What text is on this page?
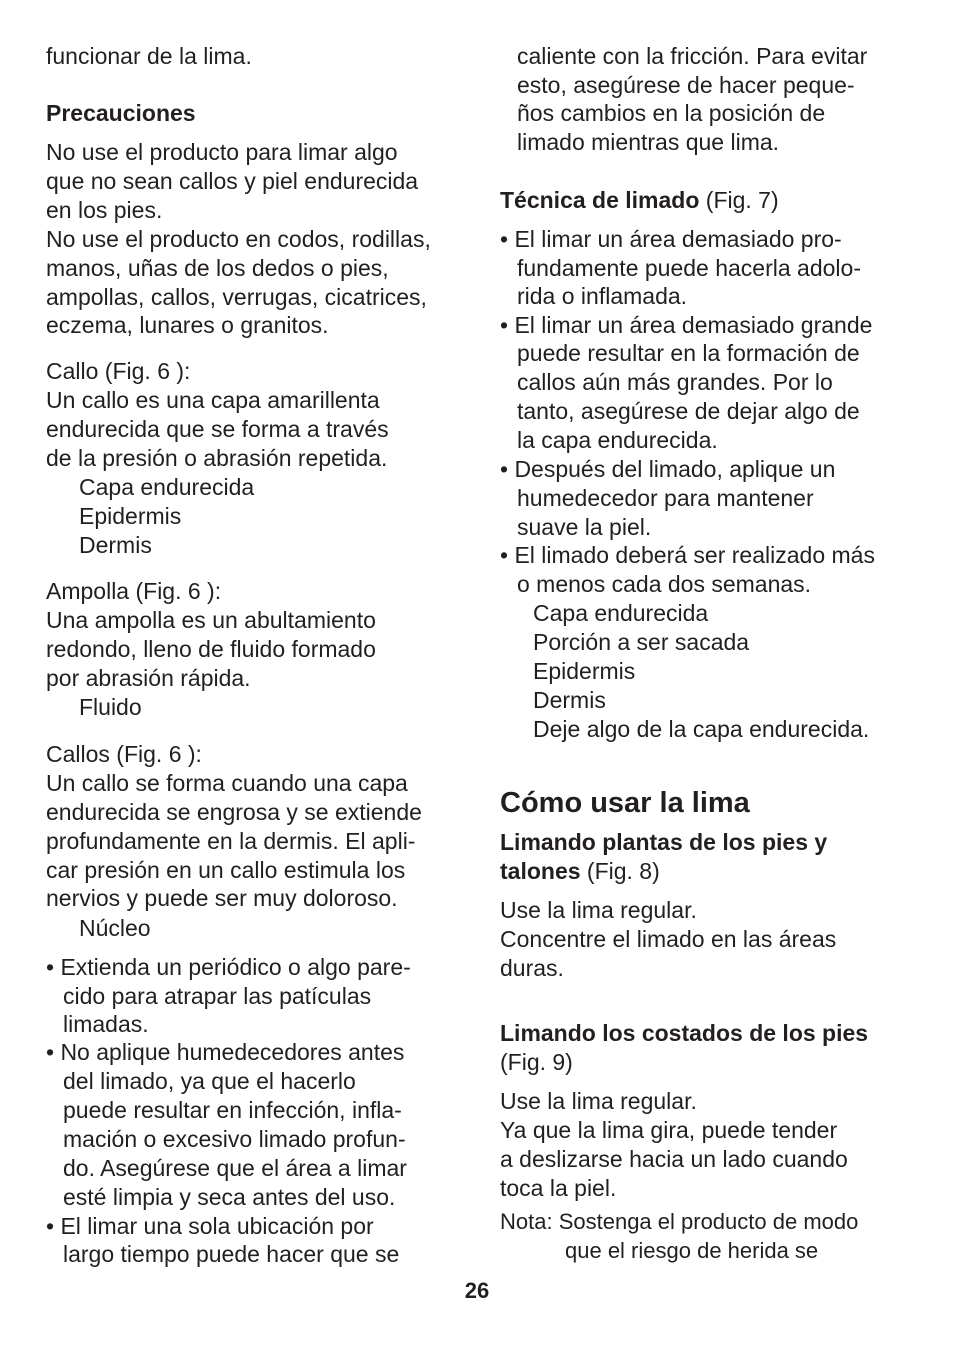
funcionar de la lima.
Precauciones
No use el producto para limar algo
que no sean callos y piel endurecida
en los pies.
No use el producto en codos, rodillas,
manos, uñas de los dedos o pies,
ampollas, callos, verrugas, cicatrices,
eczema, lunares o granitos.
Callo (Fig. 6 ):
Un callo es una capa amarillenta
endurecida que se forma a través
de la presión o abrasión repetida.
Capa endurecida
Epidermis
Dermis
Ampolla (Fig. 6 ):
Una ampolla es un abultamiento
redondo, lleno de fluido formado
por abrasión rápida.
Fluido
Callos (Fig. 6 ):
Un callo se forma cuando una capa
endurecida se engrosa y se extiende
profundamente en la dermis. El apli-
car presión en un callo estimula los
nervios y puede ser muy doloroso.
Núcleo
• Extienda un periódico o algo pare-
cido para atrapar las patículas
limadas.
• No aplique humedecedores antes
del limado, ya que el hacerlo
puede resultar en infección, infla-
mación o excesivo limado profun-
do. Asegúrese que el área a limar
esté limpia y seca antes del uso.
• El limar una sola ubicación por
largo tiempo puede hacer que se
caliente con la fricción. Para evitar
esto, asegúrese de hacer peque-
ños cambios en la posición de
limado mientras que lima.
Técnica de limado (Fig. 7)
• El limar un área demasiado pro-
fundamente puede hacerla adolo-
rida o inflamada.
• El limar un área demasiado grande
puede resultar en la formación de
callos aún más grandes. Por lo
tanto, asegúrese de dejar algo de
la capa endurecida.
• Después del limado, aplique un
humedecedor para mantener
suave la piel.
• El limado deberá ser realizado más
o menos cada dos semanas.
Capa endurecida
Porción a ser sacada
Epidermis
Dermis
Deje algo de la capa endurecida.
Cómo usar la lima
Limando plantas de los pies y
talones (Fig. 8)
Use la lima regular.
Concentre el limado en las áreas
duras.
Limando los costados de los pies
(Fig. 9)
Use la lima regular.
Ya que la lima gira, puede tender
a deslizarse hacia un lado cuando
toca la piel.
Nota: Sostenga el producto de modo
que el riesgo de herida se
26
